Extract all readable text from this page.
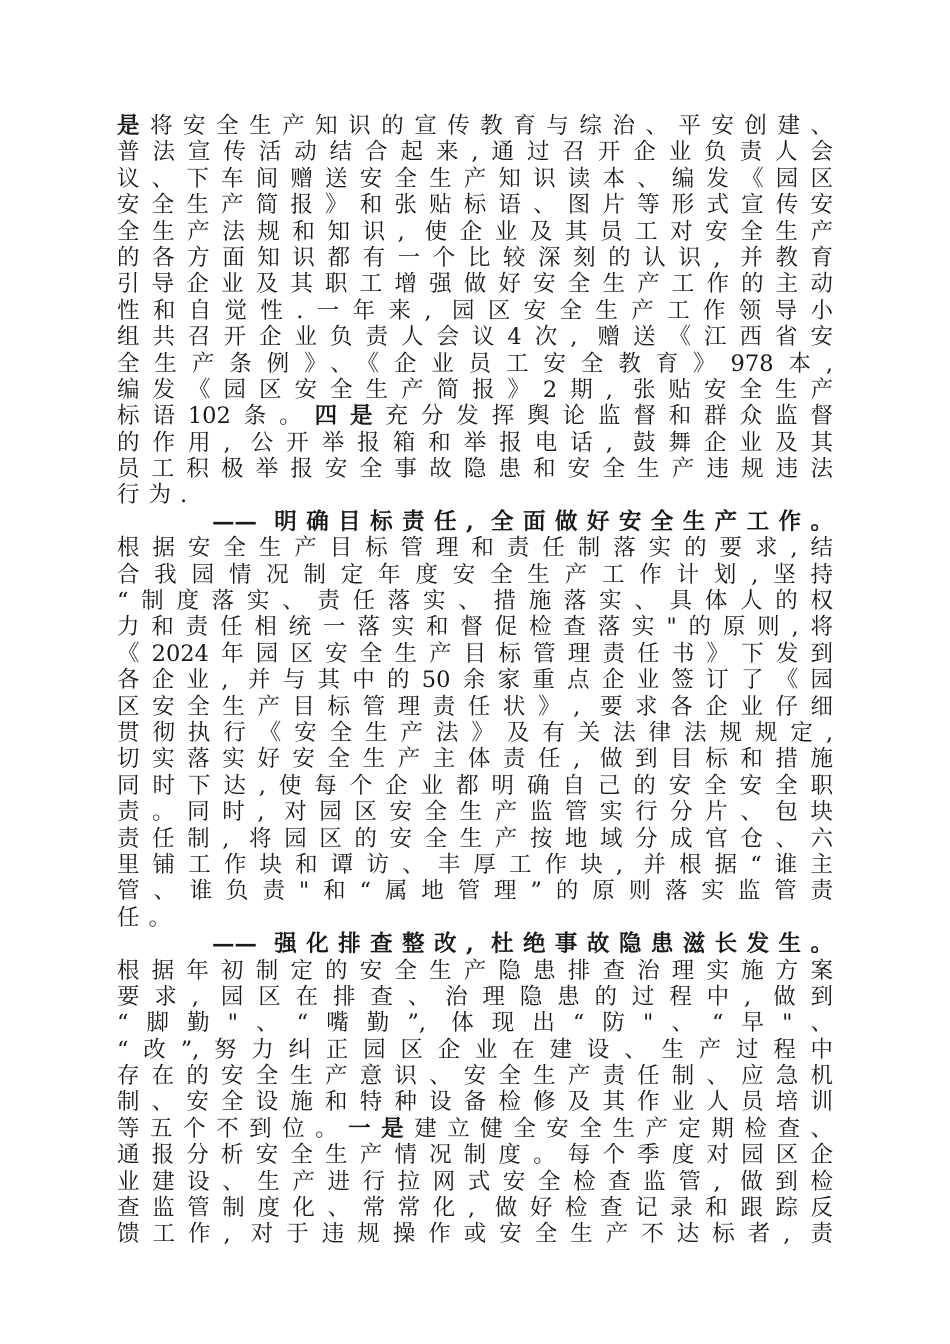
是将安全生产知识的宣传教育与综治、平安创建、
普法宣传活动结合起来,通过召开企业负责人会
议、下车间赠送安全生产知识读本、编发《园区
安全生产简报》和张贴标语、图片等形式宣传安
全生产法规和知识, 使企业及其员工对安全生产
的各方面知识都有一个比较深刻的认识, 并教育
引导企业及其职工增强做好安全生产工作的主动
性和自觉性.一年来, 园区安全生产工作领导小
组共召开企业负责人会议4次, 赠送《江西省安
全生产条例》、《企业员工安全教育》978本,
编发《园区安全生产简报》2期, 张贴安全生产
标语102条。四是充分发挥舆论监督和群众监督
的作用, 公开举报箱和举报电话, 鼓舞企业及其
员工积极举报安全事故隐患和安全生产违规违法
行为.
—— 明确目标责任, 全面做好安全生产工作。
根据安全生产目标管理和责任制落实的要求,结
合我园情况制定年度安全生产工作计划,坚持
“制度落实、责任落实、措施落实、具体人的权
力和责任相统一落实和督促检查落实"的原则,将
《2024年园区安全生产目标管理责任书》下发到
各企业, 并与其中的50余家重点企业签订了《园
区安全生产目标管理责任状》, 要求各企业仔细
贯彻执行《安全生产法》及有关法律法规规定,
切实落实好安全生产主体责任, 做到目标和措施
同时下达,使每个企业都明确自己的安全安全职
责。同时, 对园区安全生产监管实行分片、包块
责任制, 将园区的安全生产按地域分成官仓、六
里铺工作块和谭访、丰厚工作块, 并根据“谁主
管、谁负责"和“属地管理”的原则落实监管责
任。
—— 强化排查整改, 杜绝事故隐患滋长发生。
根据年初制定的安全生产隐患排查治理实施方案
要求, 园区在排查、治理隐患的过程中, 做到
“脚勤"、“嘴勤”, 体现出“防"、“早"、
“改”,努力纠正园区企业在建设、生产过程中
存在的安全生产意识、安全生产责任制、应急机
制、安全设施和特种设备检修及其作业人员培训
等五个不到位。一是建立健全安全生产定期检查、
通报分析安全生产情况制度。每个季度对园区企
业建设、生产进行拉网式安全检查监管, 做到检
查监管制度化、常常化, 做好检查记录和跟踪反
馈工作, 对于违规操作或安全生产不达标者, 责
